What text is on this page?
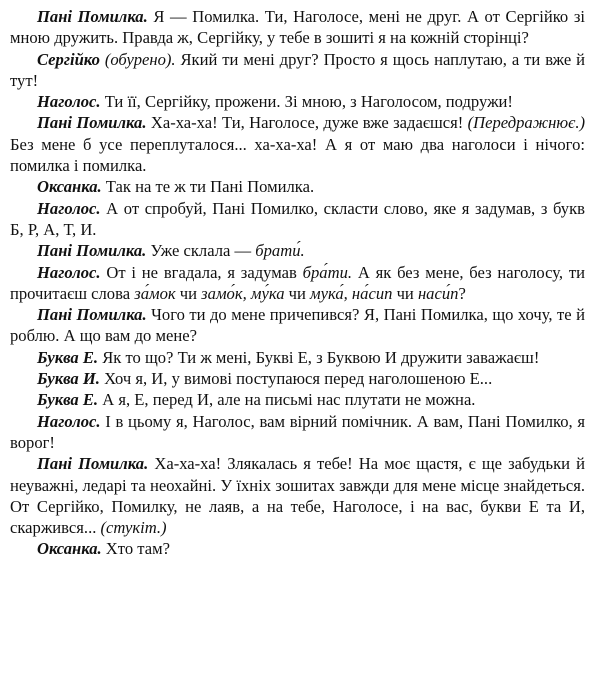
Пані Помилка. Я — Помилка. Ти, Наголосе, мені не друг. А от Сергійко зі мною дружить. Правда ж, Сергійку, у тебе в зошиті я на кожній сторінці?

Сергійко (обурено). Який ти мені друг? Просто я щось наплутаю, а ти вже й тут!

Наголос. Ти її, Сергійку, прожени. Зі мною, з Наголосом, подружи!

Пані Помилка. Ха-ха-ха! Ти, Наголосе, дуже вже задаєшся! (Передражнює.) Без мене б усе переплуталося... ха-ха-ха! А я от маю два наголоси і нічого: помилка і помилка.

Оксанка. Так на те ж ти Пані Помилка.

Наголос. А от спробуй, Пані Помилко, скласти слово, яке я задумав, з букв Б, Р, А, Т, И.

Пані Помилка. Уже склала — брати́.

Наголос. От і не вгадала, я задумав бра́ти. А як без мене, без наголосу, ти прочитаєш слова за́мок чи замо́к, му́ка чи мука́, на́сип чи наси́п?

Пані Помилка. Чого ти до мене причепився? Я, Пані Помилка, що хочу, те й роблю. А що вам до мене?

Буква Е. Як то що? Ти ж мені, Букві Е, з Буквою И дружити заважаєш!

Буква И. Хоч я, И, у вимові поступаюся перед наголошеною Е...

Буква Е. А я, Е, перед И, але на письмі нас плутати не можна.

Наголос. І в цьому я, Наголос, вам вірний помічник. А вам, Пані Помилко, я ворог!

Пані Помилка. Ха-ха-ха! Злякалась я тебе! На моє щастя, є ще забудьки й неуважні, ледарі та неохайні. У їхніх зошитах завжди для мене місце знайдеться. От Сергійко, Помилку, не лаяв, а на тебе, Наголосе, і на вас, букви Е та И, скаржився... (стукіт.)

Оксанка. Хто там?
